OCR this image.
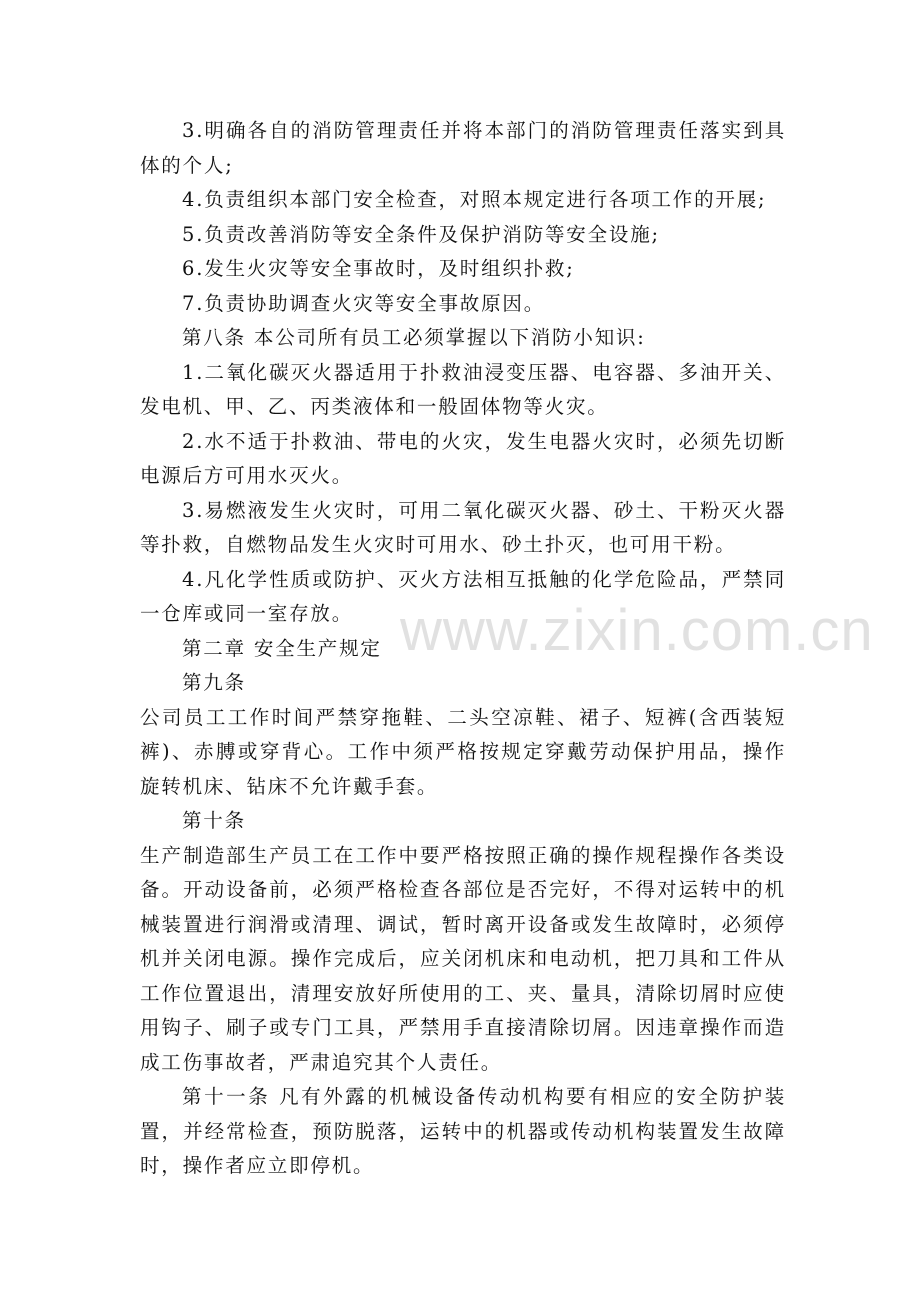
3.明确各自的消防管理责任并将本部门的消防管理责任落实到具体的个人;

4.负责组织本部门安全检查，对照本规定进行各项工作的开展;

5.负责改善消防等安全条件及保护消防等安全设施;

6.发生火灾等安全事故时，及时组织扑救;

7.负责协助调查火灾等安全事故原因。

第八条 本公司所有员工必须掌握以下消防小知识:

1.二氧化碳灭火器适用于扑救油浸变压器、电容器、多油开关、发电机、甲、乙、丙类液体和一般固体物等火灾。

2.水不适于扑救油、带电的火灾，发生电器火灾时，必须先切断电源后方可用水灭火。

3.易燃液发生火灾时，可用二氧化碳灭火器、砂土、干粉灭火器等扑救，自燃物品发生火灾时可用水、砂土扑灭，也可用干粉。

4.凡化学性质或防护、灭火方法相互抵触的化学危险品，严禁同一仓库或同一室存放。

第二章 安全生产规定

第九条

公司员工工作时间严禁穿拖鞋、二头空凉鞋、裙子、短裤(含西装短裤)、赤膊或穿背心。工作中须严格按规定穿戴劳动保护用品，操作旋转机床、钻床不允许戴手套。

第十条

生产制造部生产员工在工作中要严格按照正确的操作规程操作各类设备。开动设备前，必须严格检查各部位是否完好，不得对运转中的机械装置进行润滑或清理、调试，暂时离开设备或发生故障时，必须停机并关闭电源。操作完成后，应关闭机床和电动机，把刀具和工件从工作位置退出，清理安放好所使用的工、夹、量具，清除切屑时应使用钩子、刷子或专门工具，严禁用手直接清除切屑。因违章操作而造成工伤事故者，严肃追究其个人责任。

第十一条 凡有外露的机械设备传动机构要有相应的安全防护装置，并经常检查，预防脱落，运转中的机器或传动机构装置发生故障时，操作者应立即停机。

www.zixin.com.cn
